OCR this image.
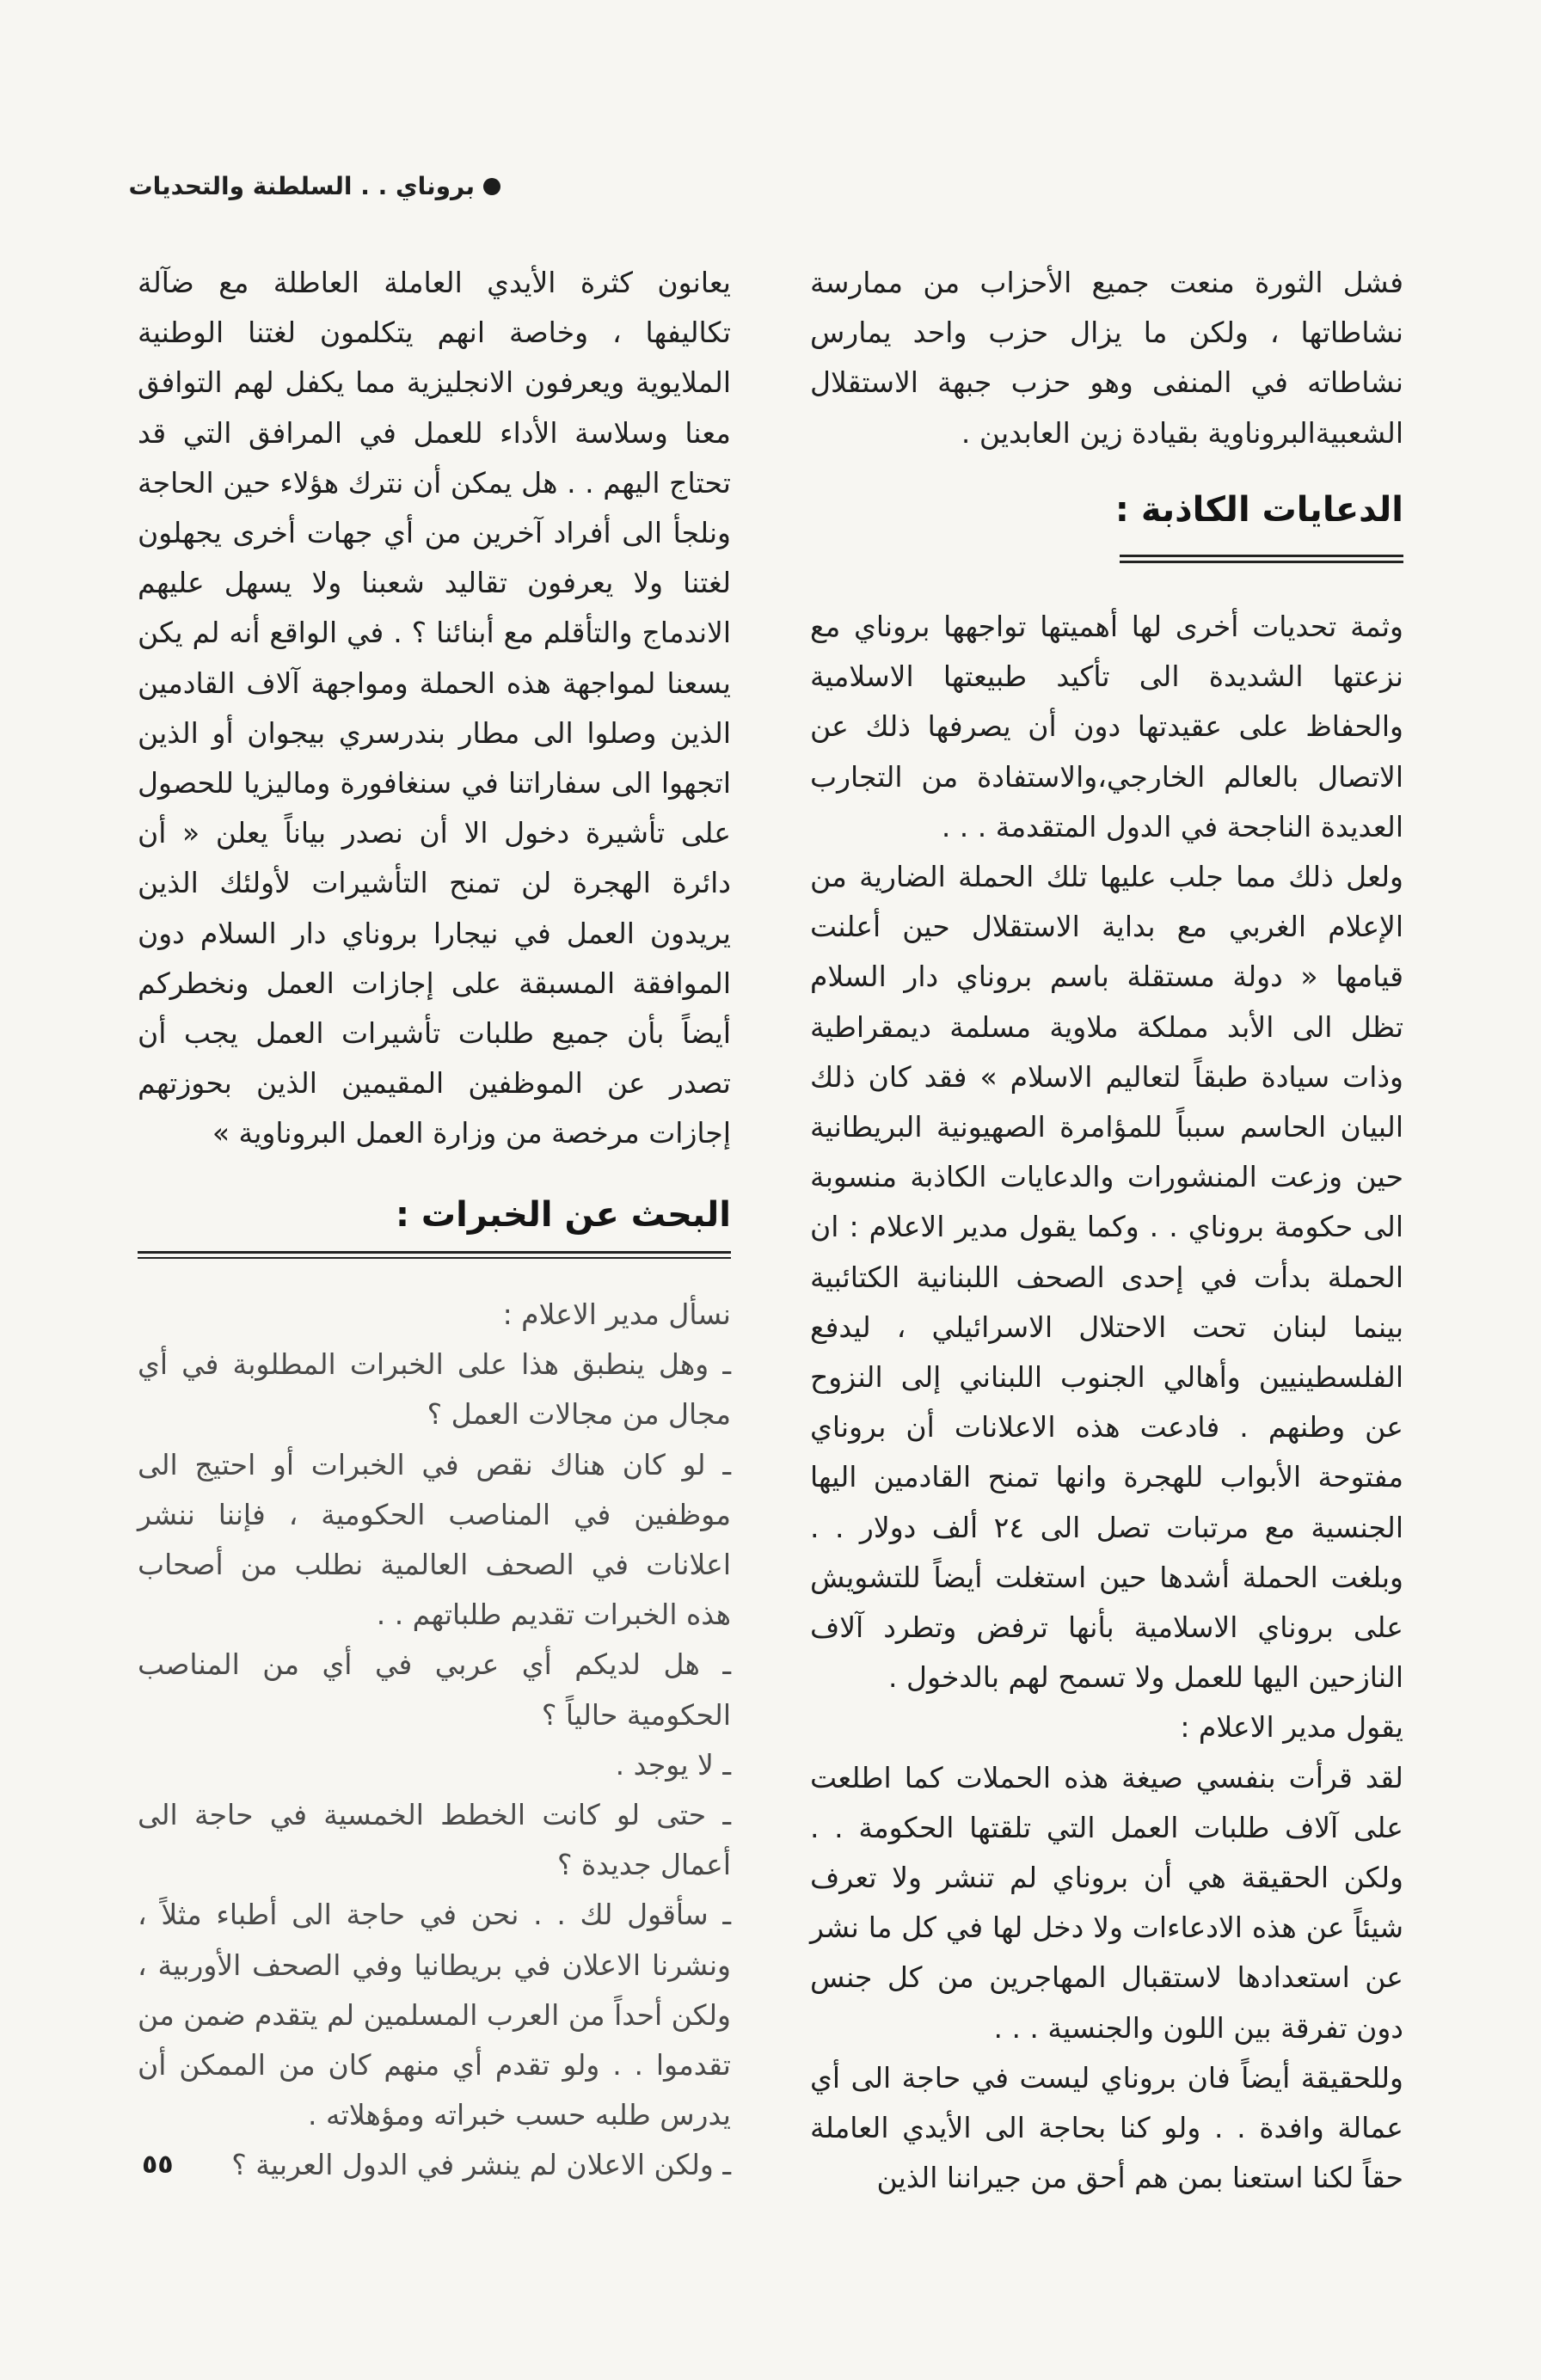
بروناي . . السلطنة والتحديات

فشل الثورة منعت جميع الأحزاب من ممارسة نشاطاتها ، ولكن ما يزال حزب واحد يمارس نشاطاته في المنفى وهو حزب جبهة الاستقلال الشعبيةالبروناوية بقيادة زين العابدين .

الدعايات الكاذبة :

وثمة تحديات أخرى لها أهميتها تواجهها بروناي مع نزعتها الشديدة الى تأكيد طبيعتها الاسلامية والحفاظ على عقيدتها دون أن يصرفها ذلك عن الاتصال بالعالم الخارجي،والاستفادة من التجارب العديدة الناجحة في الدول المتقدمة . . .

ولعل ذلك مما جلب عليها تلك الحملة الضارية من الإعلام الغربي مع بداية الاستقلال حين أعلنت قيامها « دولة مستقلة باسم بروناي دار السلام تظل الى الأبد مملكة ملاوية مسلمة ديمقراطية وذات سيادة طبقاً لتعاليم الاسلام » فقد كان ذلك البيان الحاسم سبباً للمؤامرة الصهيونية البريطانية حين وزعت المنشورات والدعايات الكاذبة منسوبة الى حكومة بروناي . . وكما يقول مدير الاعلام : ان الحملة بدأت في إحدى الصحف اللبنانية الكتائبية بينما لبنان تحت الاحتلال الاسرائيلي ، ليدفع الفلسطينيين وأهالي الجنوب اللبناني إلى النزوح عن وطنهم . فادعت هذه الاعلانات أن بروناي مفتوحة الأبواب للهجرة وانها تمنح القادمين اليها الجنسية مع مرتبات تصل الى ٢٤ ألف دولار . . وبلغت الحملة أشدها حين استغلت أيضاً للتشويش على بروناي الاسلامية بأنها ترفض وتطرد آلاف النازحين اليها للعمل ولا تسمح لهم بالدخول .

يقول مدير الاعلام :

لقد قرأت بنفسي صيغة هذه الحملات كما اطلعت على آلاف طلبات العمل التي تلقتها الحكومة . . ولكن الحقيقة هي أن بروناي لم تنشر ولا تعرف شيئاً عن هذه الادعاءات ولا دخل لها في كل ما نشر عن استعدادها لاستقبال المهاجرين من كل جنس دون تفرقة بين اللون والجنسية . . .

وللحقيقة أيضاً فان بروناي ليست في حاجة الى أي عمالة وافدة . . ولو كنا بحاجة الى الأيدي العاملة حقاً لكنا استعنا بمن هم أحق من جيراننا الذين

يعانون كثرة الأيدي العاملة العاطلة مع ضآلة تكاليفها ، وخاصة انهم يتكلمون لغتنا الوطنية الملايوية ويعرفون الانجليزية مما يكفل لهم التوافق معنا وسلاسة الأداء للعمل في المرافق التي قد تحتاج اليهم . . هل يمكن أن نترك هؤلاء حين الحاجة ونلجأ الى أفراد آخرين من أي جهات أخرى يجهلون لغتنا ولا يعرفون تقاليد شعبنا ولا يسهل عليهم الاندماج والتأقلم مع أبنائنا ؟ . في الواقع أنه لم يكن يسعنا لمواجهة هذه الحملة ومواجهة آلاف القادمين الذين وصلوا الى مطار بندرسري بيجوان أو الذين اتجهوا الى سفاراتنا في سنغافورة وماليزيا للحصول على تأشيرة دخول الا أن نصدر بياناً يعلن « أن دائرة الهجرة لن تمنح التأشيرات لأولئك الذين يريدون العمل في نيجارا بروناي دار السلام دون الموافقة المسبقة على إجازات العمل ونخطركم أيضاً بأن جميع طلبات تأشيرات العمل يجب أن تصدر عن الموظفين المقيمين الذين بحوزتهم إجازات مرخصة من وزارة العمل البروناوية »

البحث عن الخبرات :

نسأل مدير الاعلام :

ـ وهل ينطبق هذا على الخبرات المطلوبة في أي مجال من مجالات العمل ؟

ـ لو كان هناك نقص في الخبرات أو احتيج الى موظفين في المناصب الحكومية ، فإننا ننشر اعلانات في الصحف العالمية نطلب من أصحاب هذه الخبرات تقديم طلباتهم . .

ـ هل لديكم أي عربي في أي من المناصب الحكومية حالياً ؟

ـ لا يوجد .

ـ حتى لو كانت الخطط الخمسية في حاجة الى أعمال جديدة ؟

ـ سأقول لك . . نحن في حاجة الى أطباء مثلاً ، ونشرنا الاعلان في بريطانيا وفي الصحف الأوربية ، ولكن أحداً من العرب المسلمين لم يتقدم ضمن من تقدموا . . ولو تقدم أي منهم كان من الممكن أن يدرس طلبه حسب خبراته ومؤهلاته .

ـ ولكن الاعلان لم ينشر في الدول العربية ؟

٥٥
